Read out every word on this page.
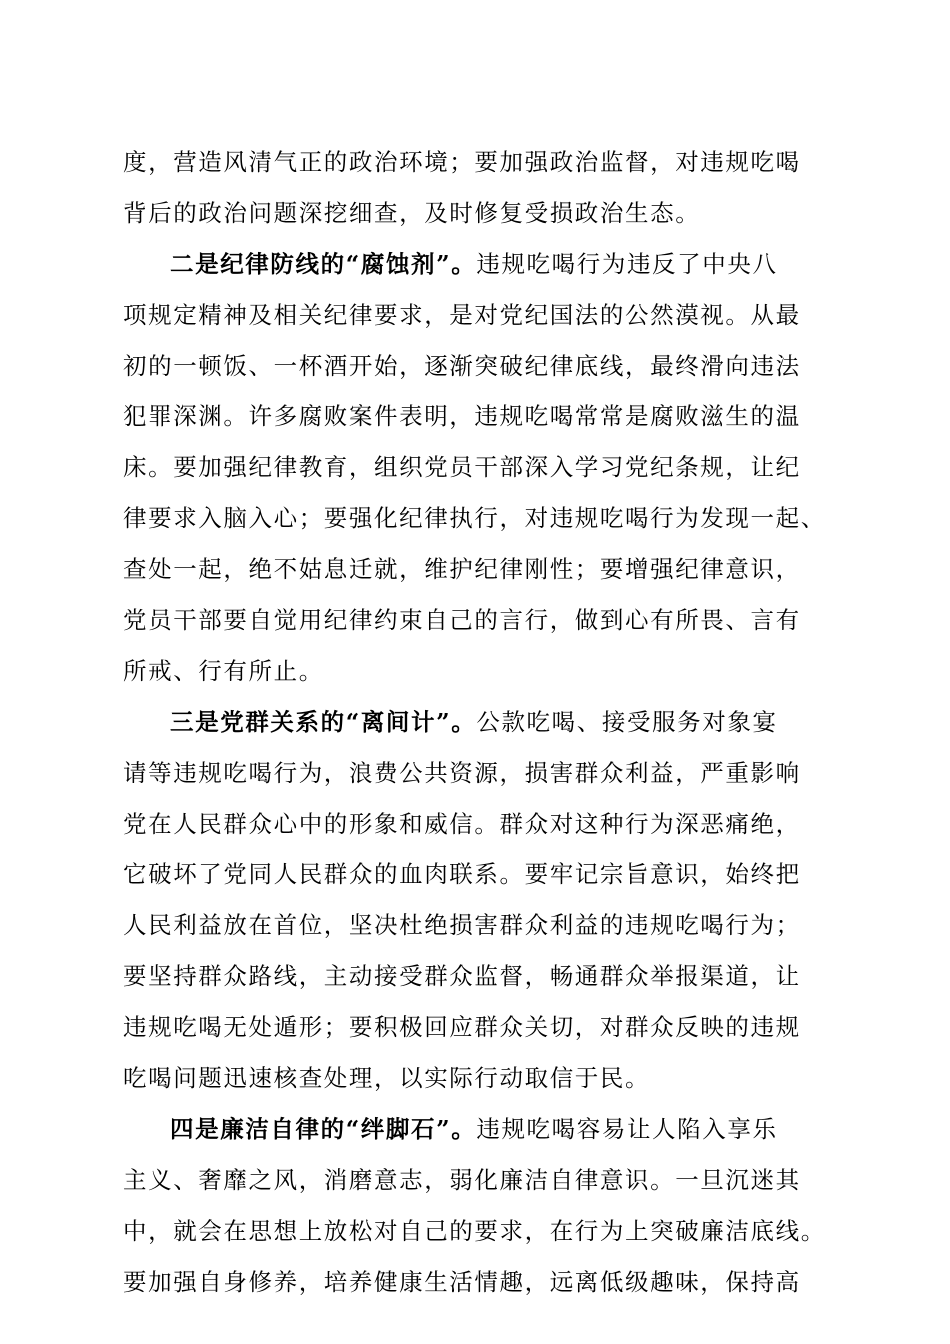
度，营造风清气正的政治环境；要加强政治监督，对违规吃喝
背后的政治问题深挖细查，及时修复受损政治生态。
二是纪律防线的“腐蚀剂”。违规吃喝行为违反了中央八
项规定精神及相关纪律要求，是对党纪国法的公然漠视。从最
初的一顿饭、一杯酒开始，逐渐突破纪律底线，最终滑向违法
犯罪深渊。许多腐败案件表明，违规吃喝常常是腐败滋生的温
床。要加强纪律教育，组织党员干部深入学习党纪条规，让纪
律要求入脑入心；要强化纪律执行，对违规吃喝行为发现一起、
查处一起，绝不姑息迁就，维护纪律刚性；要增强纪律意识，
党员干部要自觉用纪律约束自己的言行，做到心有所畏、言有
所戒、行有所止。
三是党群关系的“离间计”。公款吃喝、接受服务对象宴
请等违规吃喝行为，浪费公共资源，损害群众利益，严重影响
党在人民群众心中的形象和威信。群众对这种行为深恶痛绝，
它破坏了党同人民群众的血肉联系。要牢记宗旨意识，始终把
人民利益放在首位，坚决杜绝损害群众利益的违规吃喝行为；
要坚持群众路线，主动接受群众监督，畅通群众举报渠道，让
违规吃喝无处遁形；要积极回应群众关切，对群众反映的违规
吃喝问题迅速核查处理，以实际行动取信于民。
四是廉洁自律的“绊脚石”。违规吃喝容易让人陷入享乐
主义、奢靡之风，消磨意志，弱化廉洁自律意识。一旦沉迷其
中，就会在思想上放松对自己的要求，在行为上突破廉洁底线。
要加强自身修养，培养健康生活情趣，远离低级趣味，保持高
